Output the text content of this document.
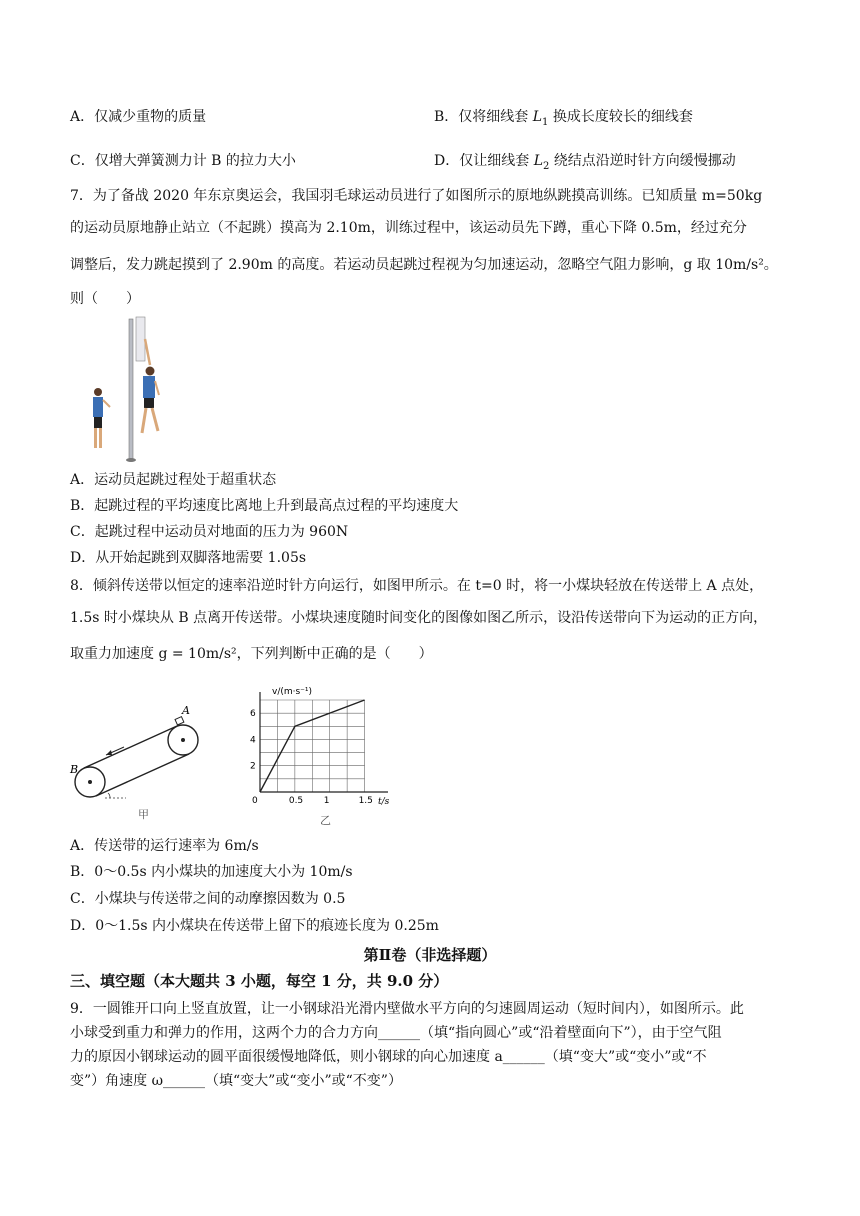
A．仅减少重物的质量	B．仅将细线套 $L_1$ 换成长度较长的细线套
C．仅增大弹簧测力计 B 的拉力大小	D．仅让细线套 $L_2$ 绕结点沿逆时针方向缓慢挪动
7．为了备战 2020 年东京奥运会，我国羽毛球运动员进行了如图所示的原地纵跳摸高训练。已知质量 m=50kg
的运动员原地静止站立（不起跳）摸高为 2.10m，训练过程中，该运动员先下蹲，重心下降 0.5m，经过充分
调整后，发力跳起摸到了 2.90m 的高度。若运动员起跳过程视为匀加速运动，忽略空气阻力影响，g 取 10m/s²。
则（　　）
A．运动员起跳过程处于超重状态
B．起跳过程的平均速度比离地上升到最高点过程的平均速度大
C．起跳过程中运动员对地面的压力为 960N
D．从开始起跳到双脚落地需要 1.05s
8．倾斜传送带以恒定的速率沿逆时针方向运行，如图甲所示。在 t=0 时，将一小煤块轻放在传送带上 A 点处，
1.5s 时小煤块从 B 点离开传送带。小煤块速度随时间变化的图像如图乙所示，设沿传送带向下为运动的正方向，
取重力加速度 g = 10m/s²，下列判断中正确的是（　　）
A
B
甲
0	0.5 1	1.5
2
4
6
v/(m·s⁻¹)
t/s
乙
A．传送带的运行速率为 6m/s
B．0～0.5s 内小煤块的加速度大小为 10m/s
C．小煤块与传送带之间的动摩擦因数为 0.5
D．0～1.5s 内小煤块在传送带上留下的痕迹长度为 0.25m
第Ⅱ卷（非选择题）
三、填空题（本大题共 3 小题，每空 1 分，共 9.0 分）
9．一圆锥开口向上竖直放置，让一小钢球沿光滑内壁做水平方向的匀速圆周运动（短时间内），如图所示。此
小球受到重力和弹力的作用，这两个力的合力方向______（填“指向圆心”或“沿着壁面向下”），由于空气阻
力的原因小钢球运动的圆平面很缓慢地降低，则小钢球的向心加速度 a______（填“变大”或“变小”或“不
变”）角速度 ω______（填“变大”或“变小”或“不变”）
